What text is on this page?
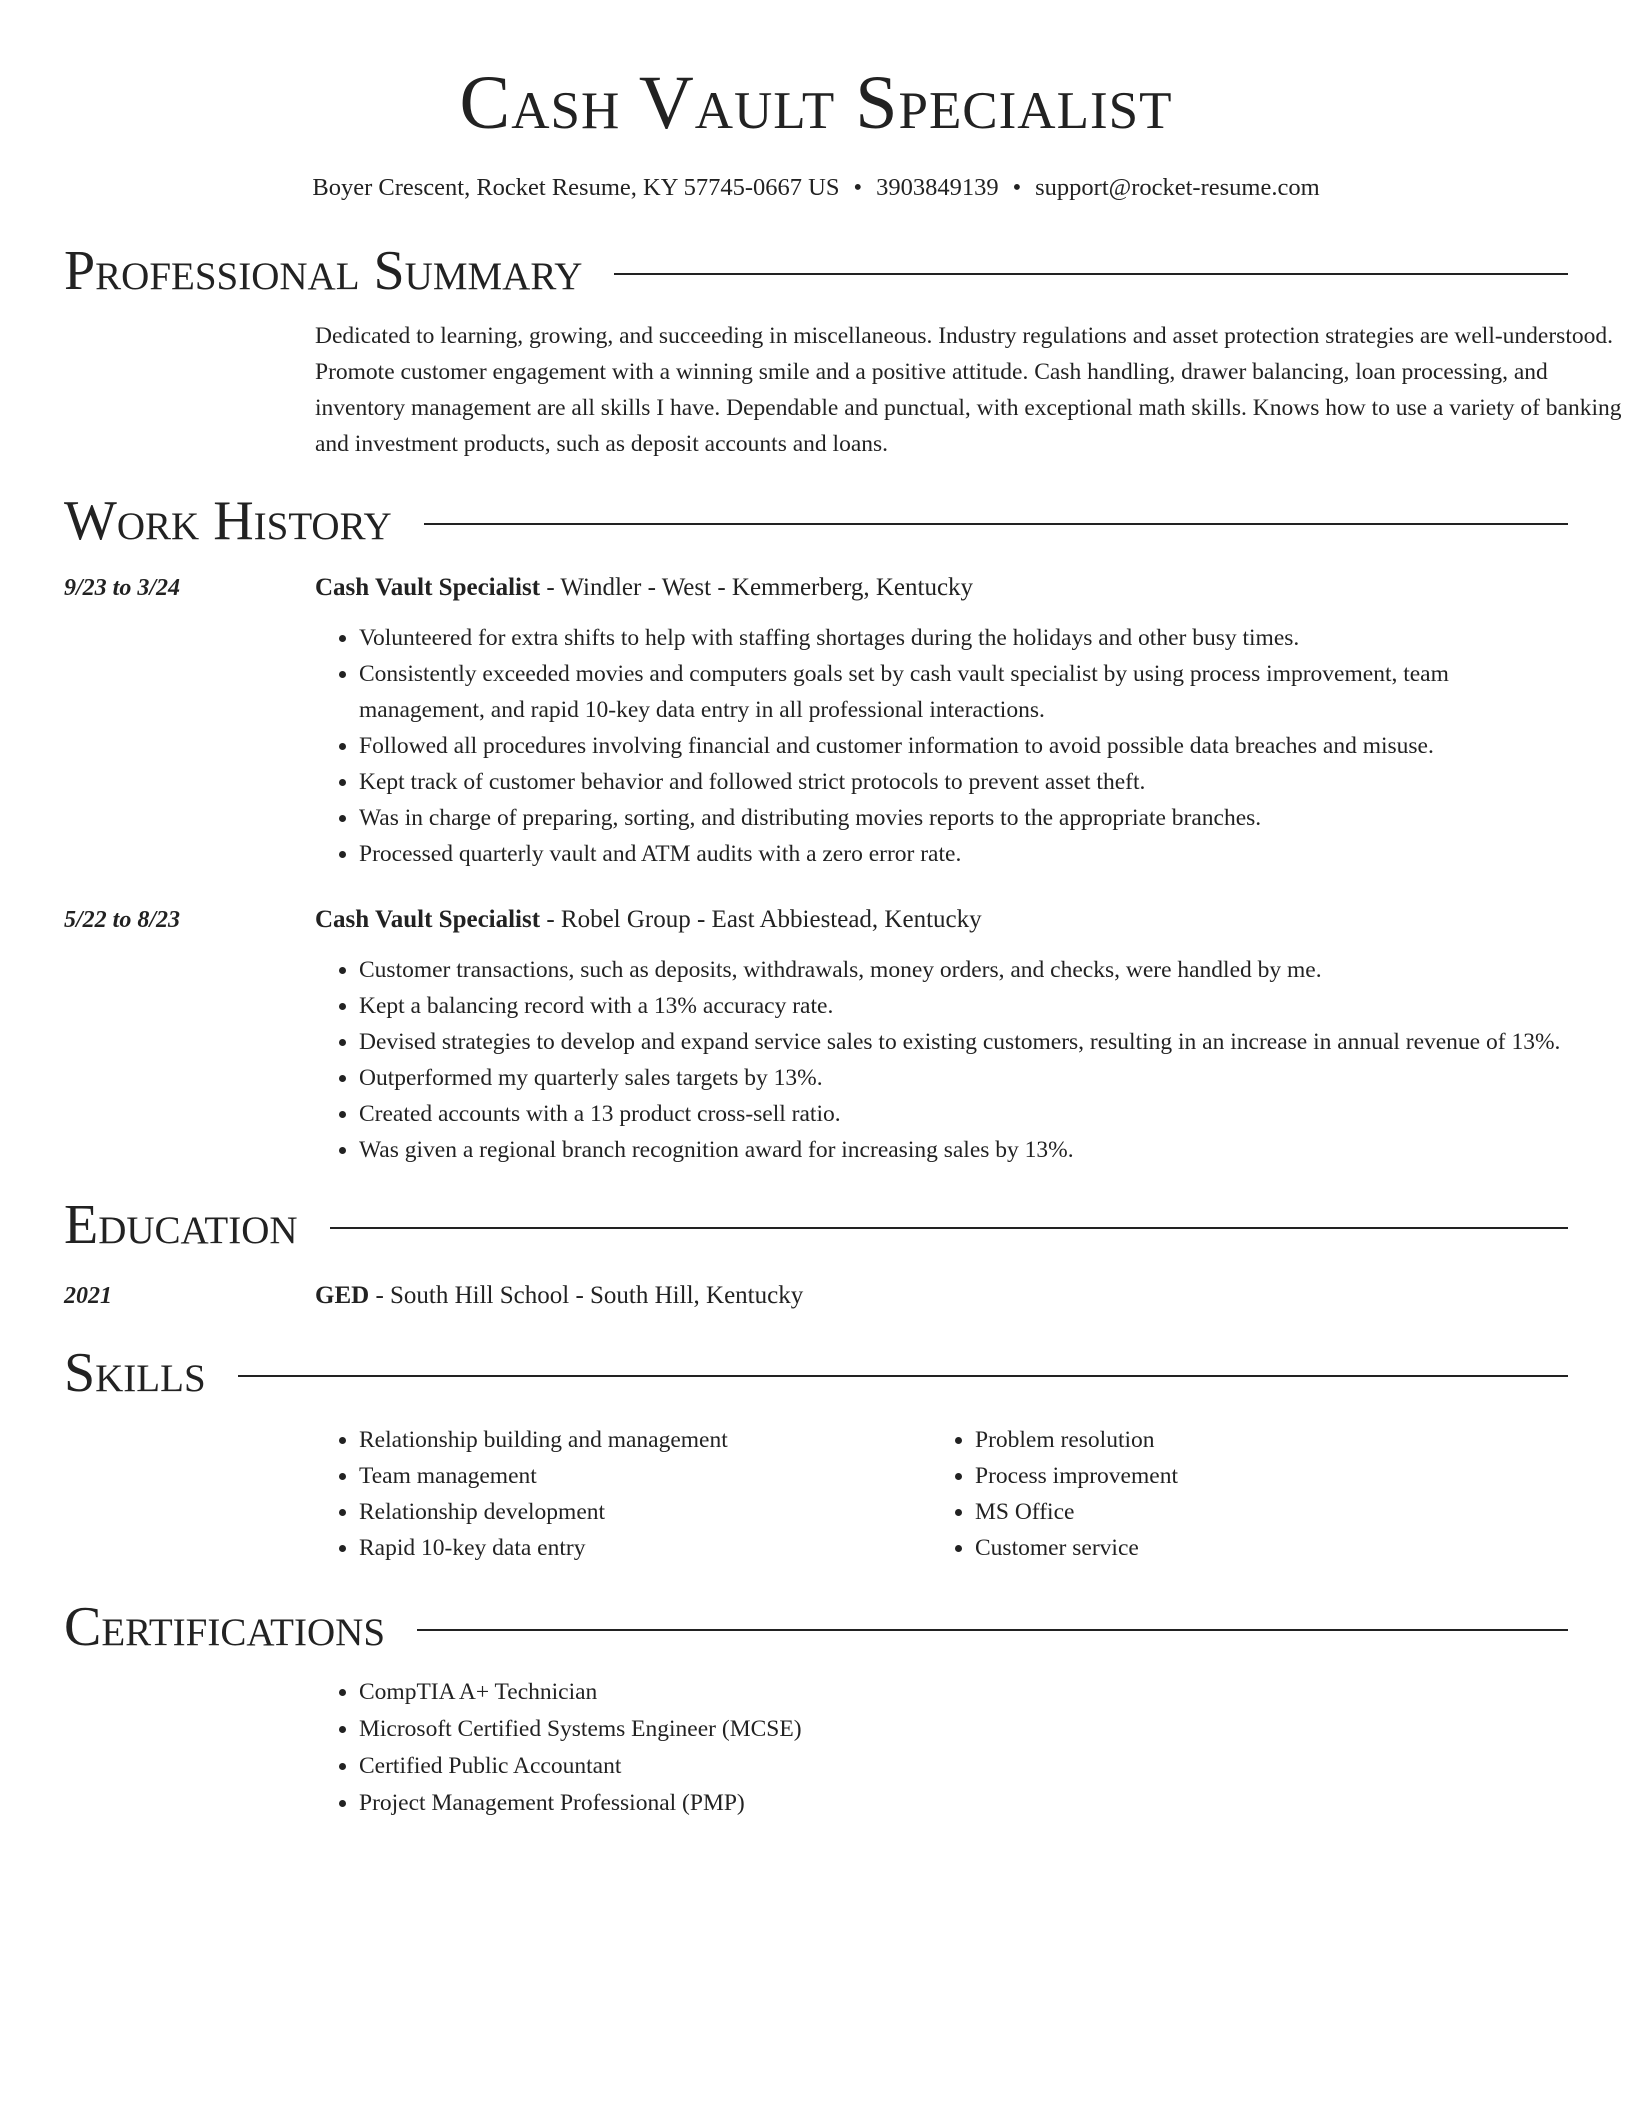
Cash Vault Specialist
Boyer Crescent, Rocket Resume, KY 57745-0667 US • 3903849139 • support@rocket-resume.com
Professional Summary

Dedicated to learning, growing, and succeeding in miscellaneous. Industry regulations and asset protection strategies are well-understood. Promote customer engagement with a winning smile and a positive attitude. Cash handling, drawer balancing, loan processing, and inventory management are all skills I have. Dependable and punctual, with exceptional math skills. Knows how to use a variety of banking and investment products, such as deposit accounts and loans.

Work History
9/23 to 3/24	Cash Vault Specialist - Windler - West - Kemmerberg, Kentucky
• Volunteered for extra shifts to help with staffing shortages during the holidays and other busy times.
• Consistently exceeded movies and computers goals set by cash vault specialist by using process improvement, team management, and rapid 10-key data entry in all professional interactions.
• Followed all procedures involving financial and customer information to avoid possible data breaches and misuse.
• Kept track of customer behavior and followed strict protocols to prevent asset theft.
• Was in charge of preparing, sorting, and distributing movies reports to the appropriate branches.
• Processed quarterly vault and ATM audits with a zero error rate.
5/22 to 8/23	Cash Vault Specialist - Robel Group - East Abbiestead, Kentucky
• Customer transactions, such as deposits, withdrawals, money orders, and checks, were handled by me.
• Kept a balancing record with a 13% accuracy rate.
• Devised strategies to develop and expand service sales to existing customers, resulting in an increase in annual revenue of 13%.
• Outperformed my quarterly sales targets by 13%.
• Created accounts with a 13 product cross-sell ratio.
• Was given a regional branch recognition award for increasing sales by 13%.
Education
2021	GED - South Hill School - South Hill, Kentucky
Skills
• Relationship building and management
• Team management
• Relationship development
• Rapid 10-key data entry
• Problem resolution
• Process improvement
• MS Office
• Customer service
Certifications
• CompTIA A+ Technician
• Microsoft Certified Systems Engineer (MCSE)
• Certified Public Accountant
• Project Management Professional (PMP)
